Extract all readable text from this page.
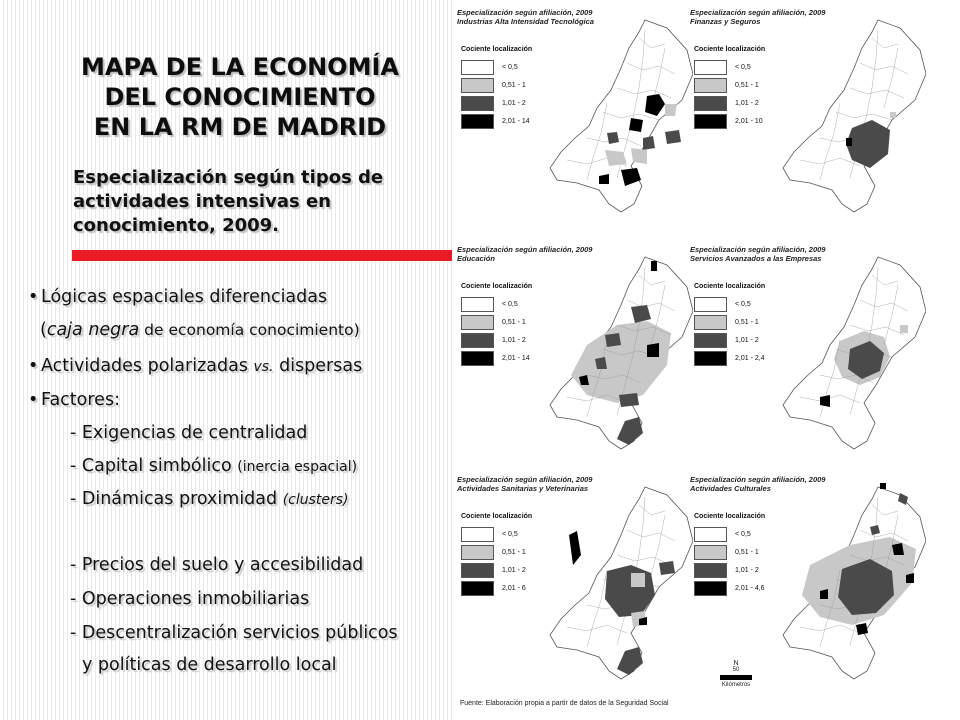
MAPA DE LA ECONOMÍA
DEL CONOCIMIENTO
EN LA RM DE MADRID
Especialización según tipos de
actividades intensivas en
conocimiento, 2009.
• Lógicas espaciales diferenciadas
(caja negra de economía conocimiento)
• Actividades polarizadas vs. dispersas
• Factores:
- Exigencias de centralidad
- Capital simbólico (inercia espacial)
- Dinámicas proximidad (clusters)
- Precios del suelo y accesibilidad
- Operaciones inmobiliarias
- Descentralización servicios públicos
y políticas de desarrollo local
Especialización según afiliación, 2009
Industrias Alta Intensidad Tecnológica
Cociente localización
< 0,5
0,51 - 1
1,01 - 2
2,01 - 14
Especialización según afiliación, 2009
Finanzas y Seguros
Cociente localización
< 0,5
0,51 - 1
1,01 - 2
2,01 - 10
Especialización según afiliación, 2009
Educación
Cociente localización
< 0,5
0,51 - 1
1,01 - 2
2,01 - 14
Especialización según afiliación, 2009
Servicios Avanzados a las Empresas
Cociente localización
< 0,5
0,51 - 1
1,01 - 2
2,01 - 2,4
Especialización según afiliación, 2009
Actividades Sanitarias y Veterinarias
Cociente localización
< 0,5
0,51 - 1
1,01 - 2
2,01 - 6
Especialización según afiliación, 2009
Actividades Culturales
Cociente localización
< 0,5
0,51 - 1
1,01 - 2
2,01 - 4,6
N
50
Kilómetros
Fuente: Elaboración propia a partir de datos de la Seguridad Social
